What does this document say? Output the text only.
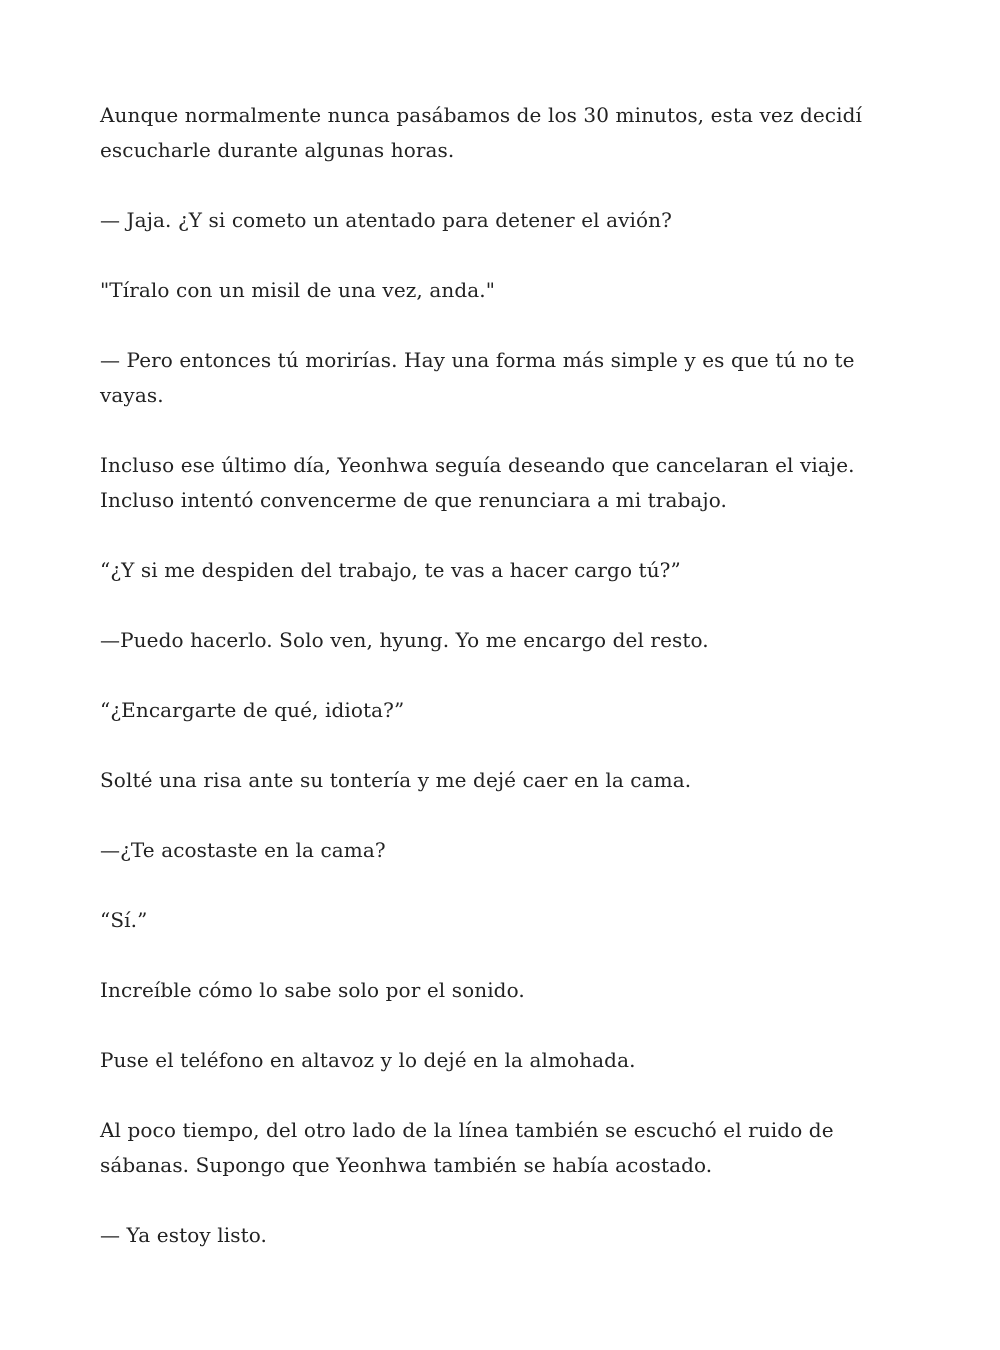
Aunque normalmente nunca pasábamos de los 30 minutos, esta vez decidí escucharle durante algunas horas.

— Jaja. ¿Y si cometo un atentado para detener el avión?

"Tíralo con un misil de una vez, anda."

— Pero entonces tú morirías. Hay una forma más simple y es que tú no te vayas.

Incluso ese último día, Yeonhwa seguía deseando que cancelaran el viaje. Incluso intentó convencerme de que renunciara a mi trabajo.

“¿Y si me despiden del trabajo, te vas a hacer cargo tú?”

—Puedo hacerlo. Solo ven, hyung. Yo me encargo del resto.

“¿Encargarte de qué, idiota?”

Solté una risa ante su tontería y me dejé caer en la cama.

—¿Te acostaste en la cama?

“Sí.”

Increíble cómo lo sabe solo por el sonido.

Puse el teléfono en altavoz y lo dejé en la almohada.

Al poco tiempo, del otro lado de la línea también se escuchó el ruido de sábanas. Supongo que Yeonhwa también se había acostado.

— Ya estoy listo.
